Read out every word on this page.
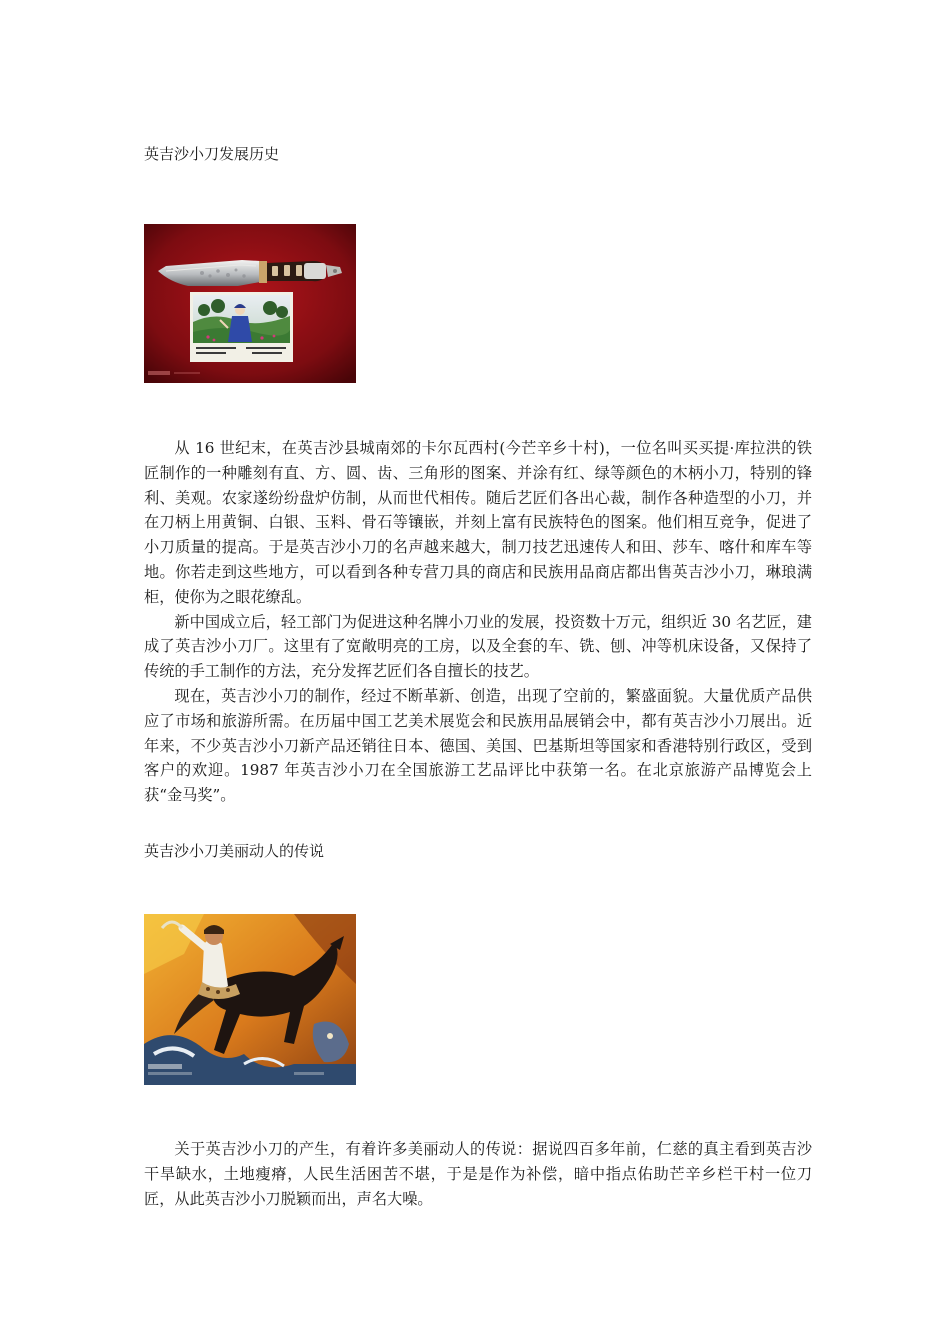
英吉沙小刀发展历史

从 16 世纪末，在英吉沙县城南郊的卡尔瓦西村(今芒辛乡十村)，一位名叫买买提·库拉洪的铁匠制作的一种雕刻有直、方、圆、齿、三角形的图案、并涂有红、绿等颜色的木柄小刀，特别的锋利、美观。农家遂纷纷盘炉仿制，从而世代相传。随后艺匠们各出心裁，制作各种造型的小刀，并在刀柄上用黄铜、白银、玉料、骨石等镶嵌，并刻上富有民族特色的图案。他们相互竞争，促进了小刀质量的提高。于是英吉沙小刀的名声越来越大，制刀技艺迅速传人和田、莎车、喀什和库车等地。你若走到这些地方，可以看到各种专营刀具的商店和民族用品商店都出售英吉沙小刀，琳琅满柜，使你为之眼花缭乱。

新中国成立后，轻工部门为促进这种名牌小刀业的发展，投资数十万元，组织近 30 名艺匠，建成了英吉沙小刀厂。这里有了宽敞明亮的工房，以及全套的车、铣、刨、冲等机床设备，又保持了传统的手工制作的方法，充分发挥艺匠们各自擅长的技艺。

现在，英吉沙小刀的制作，经过不断革新、创造，出现了空前的，繁盛面貌。大量优质产品供应了市场和旅游所需。在历届中国工艺美术展览会和民族用品展销会中，都有英吉沙小刀展出。近年来，不少英吉沙小刀新产品还销往日本、德国、美国、巴基斯坦等国家和香港特别行政区，受到客户的欢迎。1987 年英吉沙小刀在全国旅游工艺品评比中获第一名。在北京旅游产品博览会上获“金马奖”。

英吉沙小刀美丽动人的传说

关于英吉沙小刀的产生，有着许多美丽动人的传说：据说四百多年前，仁慈的真主看到英吉沙干旱缺水，土地瘦瘠，人民生活困苦不堪，于是是作为补偿，暗中指点佑助芒辛乡栏干村一位刀匠，从此英吉沙小刀脱颖而出，声名大噪。
